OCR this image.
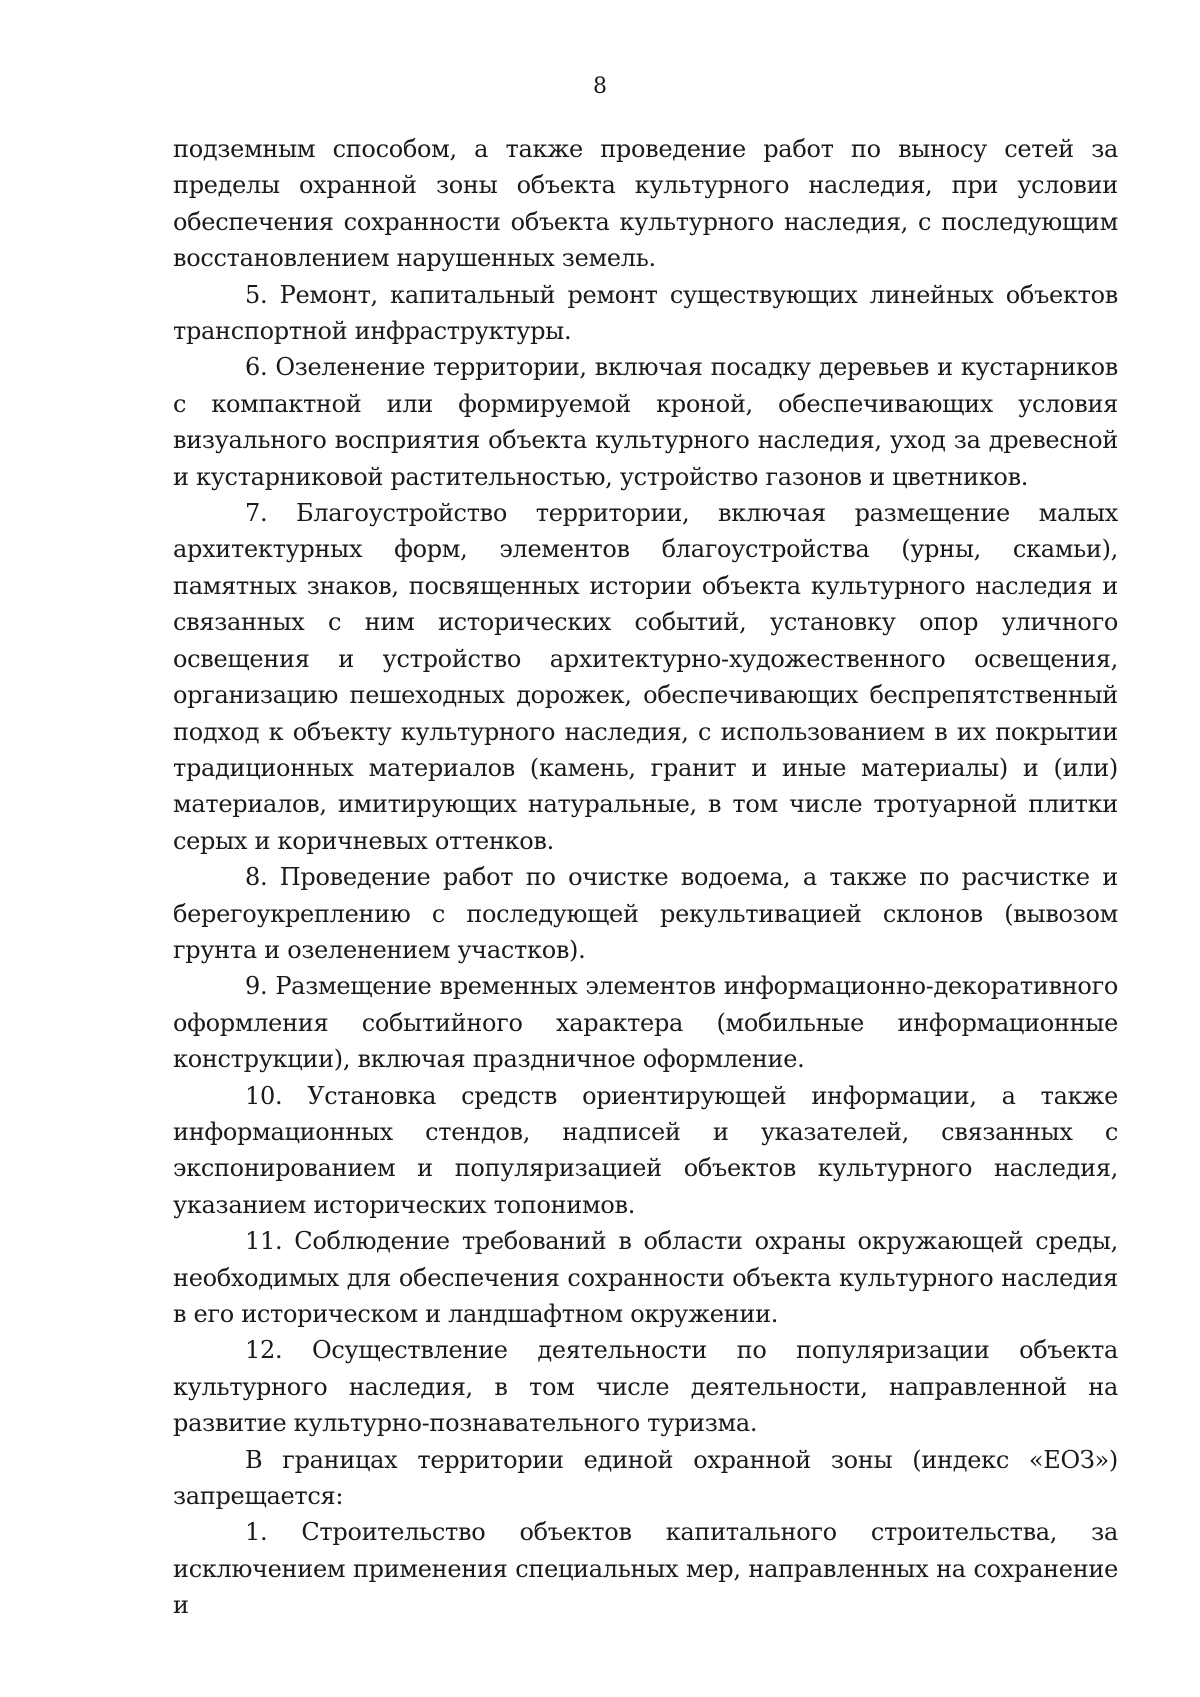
8

подземным способом, а также проведение работ по выносу сетей за пределы охранной зоны объекта культурного наследия, при условии обеспечения сохранности объекта культурного наследия, с последующим восстановлением нарушенных земель.

5. Ремонт, капитальный ремонт существующих линейных объектов транспортной инфраструктуры.

6. Озеленение территории, включая посадку деревьев и кустарников с компактной или формируемой кроной, обеспечивающих условия визуального восприятия объекта культурного наследия, уход за древесной и кустарниковой растительностью, устройство газонов и цветников.

7. Благоустройство территории, включая размещение малых архитектурных форм, элементов благоустройства (урны, скамьи), памятных знаков, посвященных истории объекта культурного наследия и связанных с ним исторических событий, установку опор уличного освещения и устройство архитектурно-художественного освещения, организацию пешеходных дорожек, обеспечивающих беспрепятственный подход к объекту культурного наследия, с использованием в их покрытии традиционных материалов (камень, гранит и иные материалы) и (или) материалов, имитирующих натуральные, в том числе тротуарной плитки серых и коричневых оттенков.

8. Проведение работ по очистке водоема, а также по расчистке и берегоукреплению с последующей рекультивацией склонов (вывозом грунта и озеленением участков).

9. Размещение временных элементов информационно-декоративного оформления событийного характера (мобильные информационные конструкции), включая праздничное оформление.

10. Установка средств ориентирующей информации, а также информационных стендов, надписей и указателей, связанных с экспонированием и популяризацией объектов культурного наследия, указанием исторических топонимов.

11. Соблюдение требований в области охраны окружающей среды, необходимых для обеспечения сохранности объекта культурного наследия в его историческом и ландшафтном окружении.

12. Осуществление деятельности по популяризации объекта культурного наследия, в том числе деятельности, направленной на развитие культурно-познавательного туризма.

В границах территории единой охранной зоны (индекс «ЕОЗ») запрещается:

1. Строительство объектов капитального строительства, за исключением применения специальных мер, направленных на сохранение и
